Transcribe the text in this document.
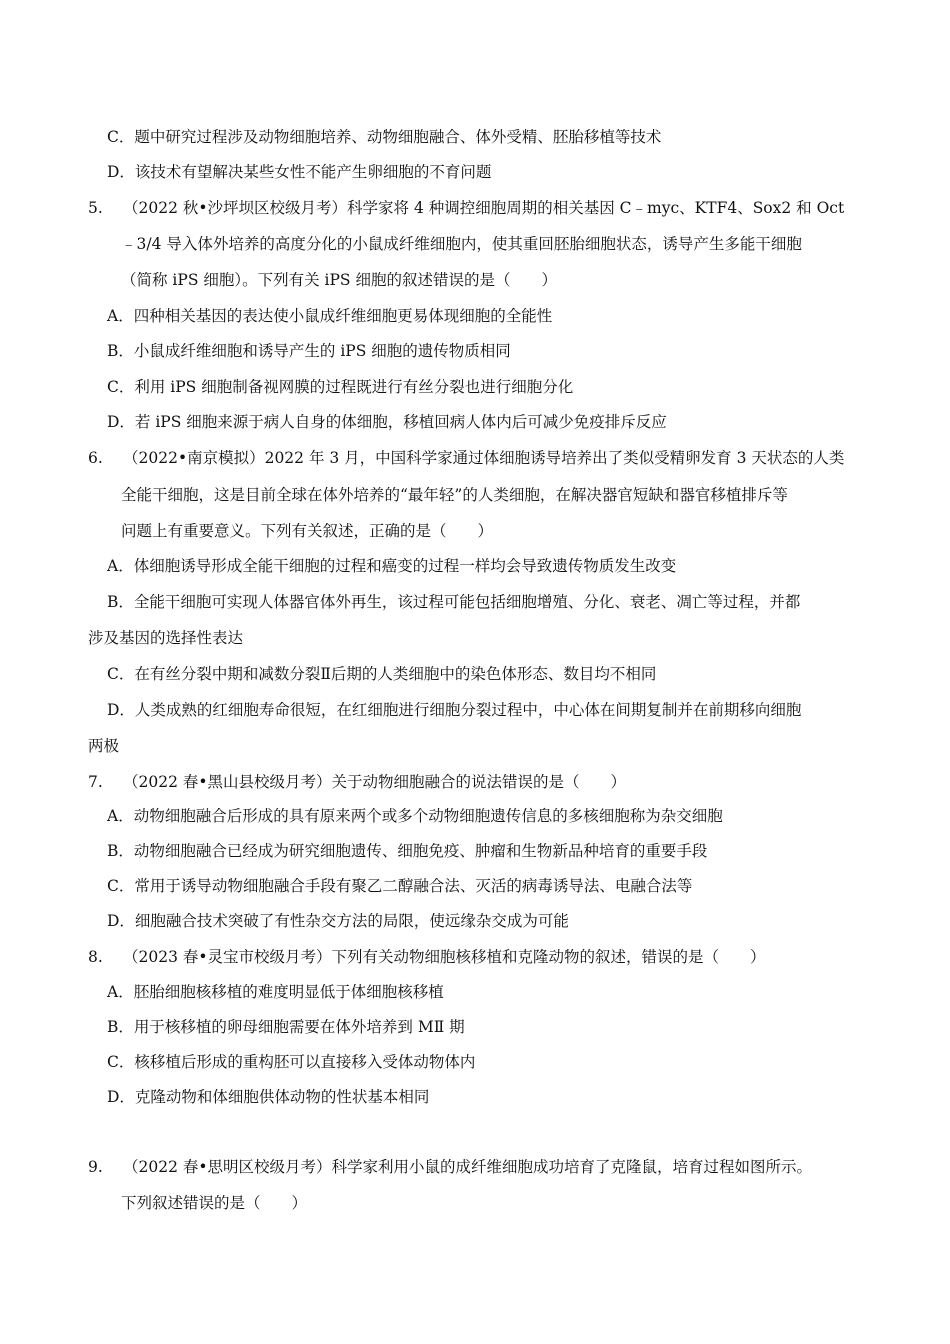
C．题中研究过程涉及动物细胞培养、动物细胞融合、体外受精、胚胎移植等技术
D．该技术有望解决某些女性不能产生卵细胞的不育问题
5. （2022 秋•沙坪坝区校级月考）科学家将 4 种调控细胞周期的相关基因 C﹣myc、KTF4、Sox2 和 Oct
﹣3/4 导入体外培养的高度分化的小鼠成纤维细胞内，使其重回胚胎细胞状态，诱导产生多能干细胞
（简称 iPS 细胞）。下列有关 iPS 细胞的叙述错误的是（　　）
A．四种相关基因的表达使小鼠成纤维细胞更易体现细胞的全能性
B．小鼠成纤维细胞和诱导产生的 iPS 细胞的遗传物质相同
C．利用 iPS 细胞制备视网膜的过程既进行有丝分裂也进行细胞分化
D．若 iPS 细胞来源于病人自身的体细胞，移植回病人体内后可减少免疫排斥反应
6. （2022•南京模拟）2022 年 3 月，中国科学家通过体细胞诱导培养出了类似受精卵发育 3 天状态的人类
全能干细胞，这是目前全球在体外培养的“最年轻”的人类细胞，在解决器官短缺和器官移植排斥等
问题上有重要意义。下列有关叙述，正确的是（　　）
A．体细胞诱导形成全能干细胞的过程和癌变的过程一样均会导致遗传物质发生改变
B．全能干细胞可实现人体器官体外再生，该过程可能包括细胞增殖、分化、衰老、凋亡等过程，并都
涉及基因的选择性表达
C．在有丝分裂中期和减数分裂Ⅱ后期的人类细胞中的染色体形态、数目均不相同
D．人类成熟的红细胞寿命很短，在红细胞进行细胞分裂过程中，中心体在间期复制并在前期移向细胞
两极
7. （2022 春•黑山县校级月考）关于动物细胞融合的说法错误的是（　　）
A．动物细胞融合后形成的具有原来两个或多个动物细胞遗传信息的多核细胞称为杂交细胞
B．动物细胞融合已经成为研究细胞遗传、细胞免疫、肿瘤和生物新品种培育的重要手段
C．常用于诱导动物细胞融合手段有聚乙二醇融合法、灭活的病毒诱导法、电融合法等
D．细胞融合技术突破了有性杂交方法的局限，使远缘杂交成为可能
8. （2023 春•灵宝市校级月考）下列有关动物细胞核移植和克隆动物的叙述，错误的是（　　）
A．胚胎细胞核移植的难度明显低于体细胞核移植
B．用于核移植的卵母细胞需要在体外培养到 MⅡ 期
C．核移植后形成的重构胚可以直接移入受体动物体内
D．克隆动物和体细胞供体动物的性状基本相同
9. （2022 春•思明区校级月考）科学家利用小鼠的成纤维细胞成功培育了克隆鼠，培育过程如图所示。
下列叙述错误的是（　　）
